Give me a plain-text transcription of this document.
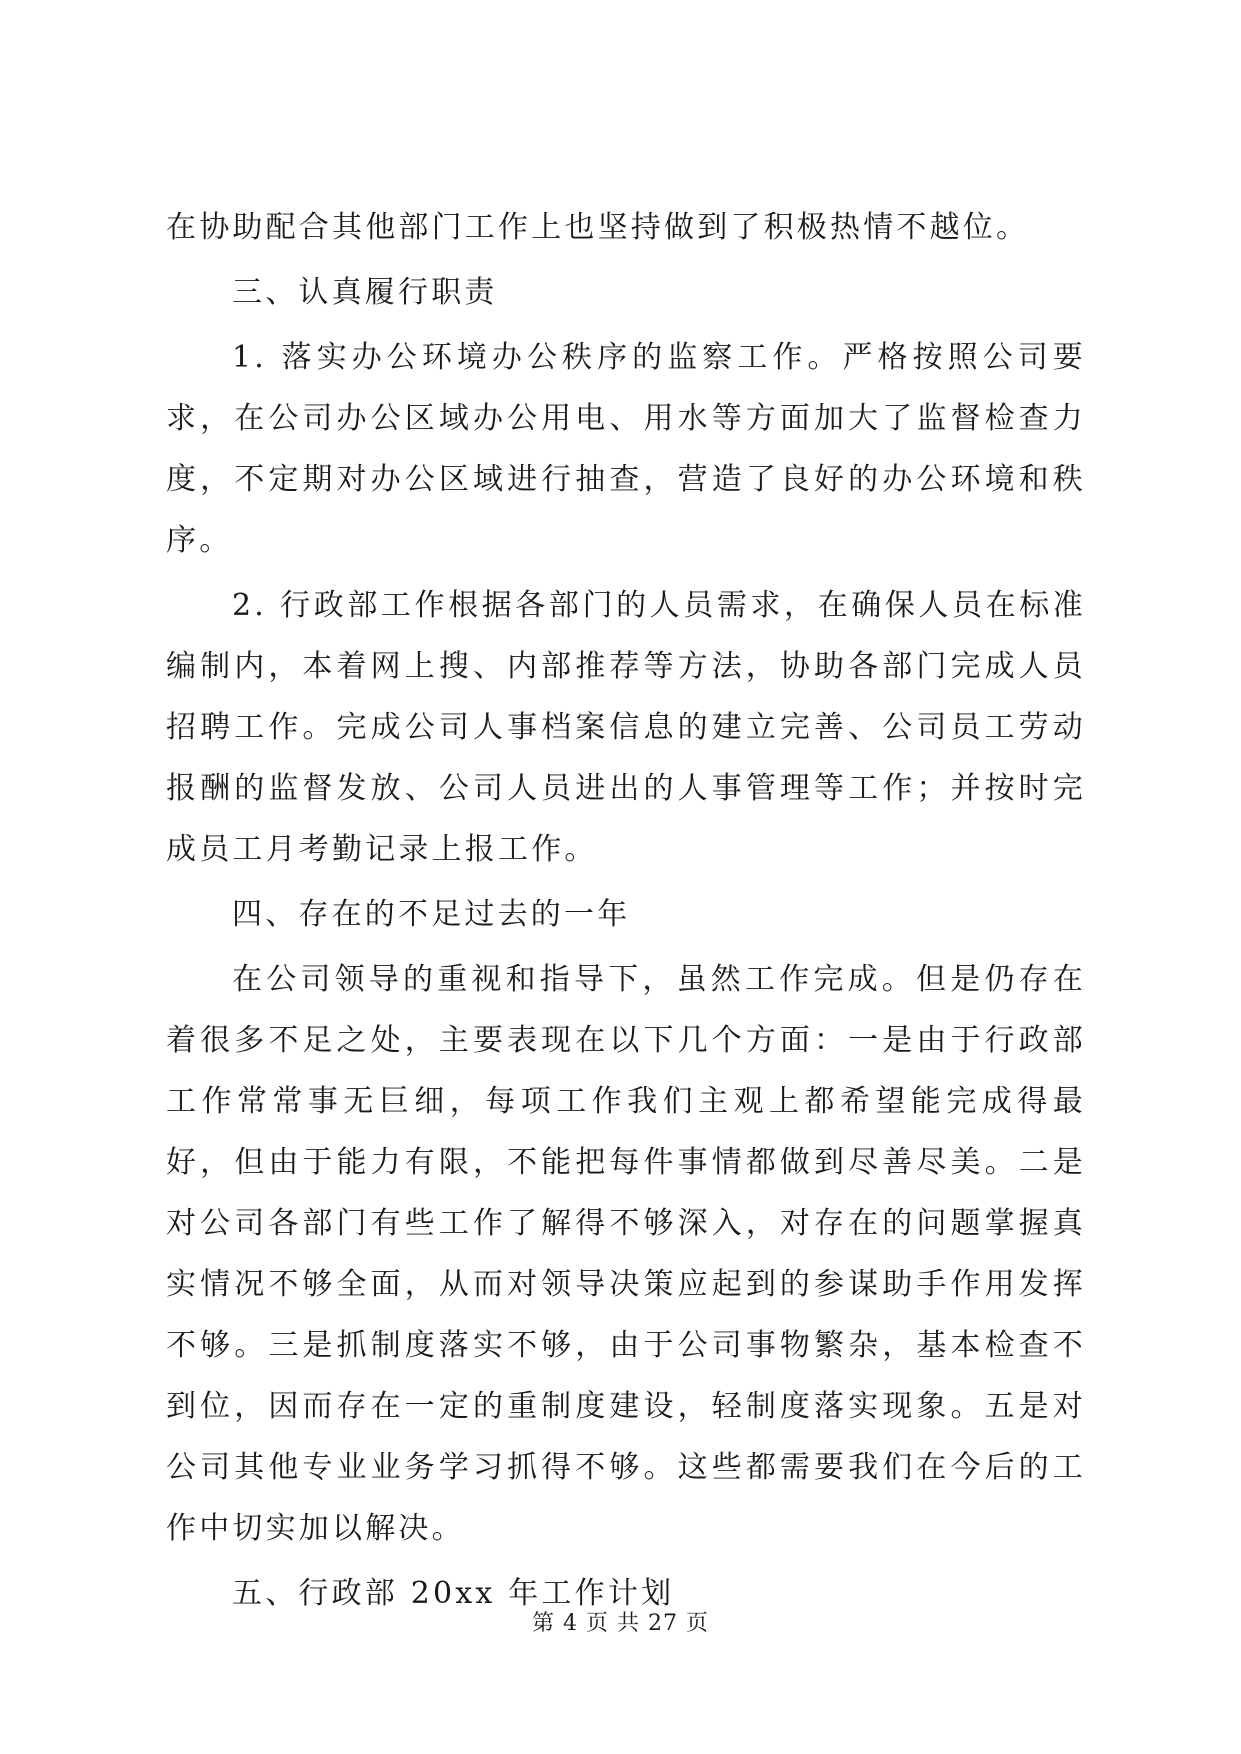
在协助配合其他部门工作上也坚持做到了积极热情不越位。

三、认真履行职责

1. 落实办公环境办公秩序的监察工作。严格按照公司要求，在公司办公区域办公用电、用水等方面加大了监督检查力度，不定期对办公区域进行抽查，营造了良好的办公环境和秩序。

2. 行政部工作根据各部门的人员需求，在确保人员在标准编制内，本着网上搜、内部推荐等方法，协助各部门完成人员招聘工作。完成公司人事档案信息的建立完善、公司员工劳动报酬的监督发放、公司人员进出的人事管理等工作；并按时完成员工月考勤记录上报工作。

四、存在的不足过去的一年

在公司领导的重视和指导下，虽然工作完成。但是仍存在着很多不足之处，主要表现在以下几个方面：一是由于行政部工作常常事无巨细，每项工作我们主观上都希望能完成得最好，但由于能力有限，不能把每件事情都做到尽善尽美。二是对公司各部门有些工作了解得不够深入，对存在的问题掌握真实情况不够全面，从而对领导决策应起到的参谋助手作用发挥不够。三是抓制度落实不够，由于公司事物繁杂，基本检查不到位，因而存在一定的重制度建设，轻制度落实现象。五是对公司其他专业业务学习抓得不够。这些都需要我们在今后的工作中切实加以解决。

五、行政部 20xx 年工作计划

第 4 页 共 27 页
